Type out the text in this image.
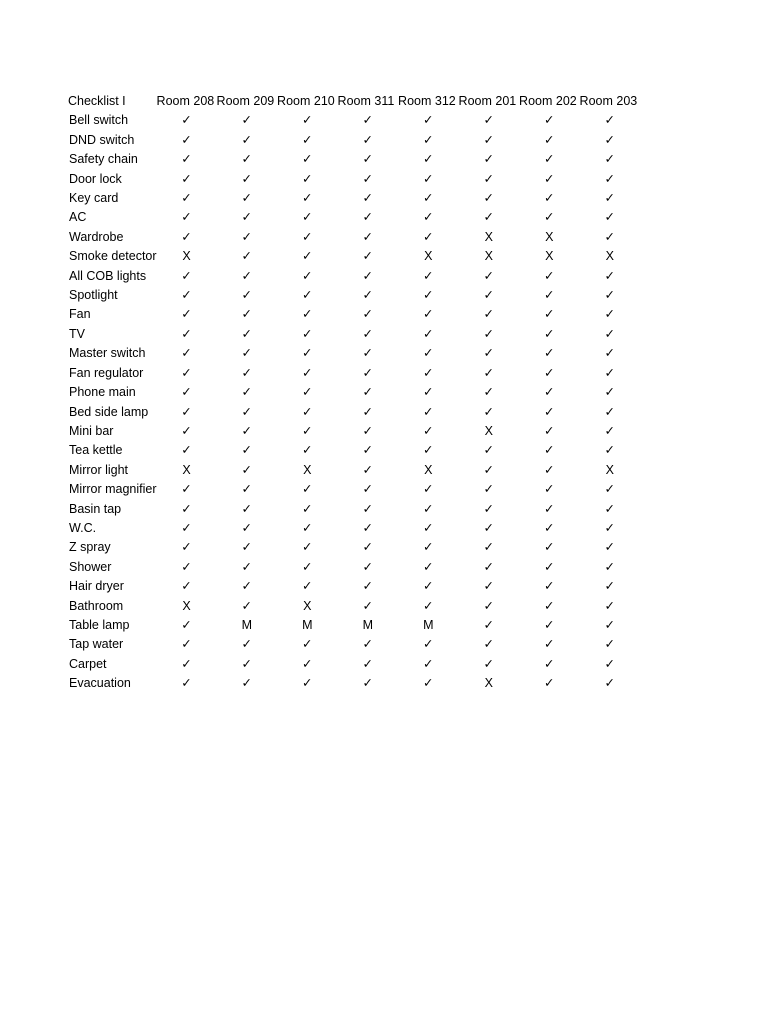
Checklist I	Room 208	Room 209	Room 210	Room 311	Room 312	Room 201	Room 202	Room 203
Bell switch	✓	✓	✓	✓	✓	✓	✓	✓
DND switch	✓	✓	✓	✓	✓	✓	✓	✓
Safety chain	✓	✓	✓	✓	✓	✓	✓	✓
Door lock	✓	✓	✓	✓	✓	✓	✓	✓
Key card	✓	✓	✓	✓	✓	✓	✓	✓
AC	✓	✓	✓	✓	✓	✓	✓	✓
Wardrobe	✓	✓	✓	✓	✓	X	X	✓
Smoke detector	X	✓	✓	✓	X	X	X	X
All COB lights	✓	✓	✓	✓	✓	✓	✓	✓
Spotlight	✓	✓	✓	✓	✓	✓	✓	✓
Fan	✓	✓	✓	✓	✓	✓	✓	✓
TV	✓	✓	✓	✓	✓	✓	✓	✓
Master switch	✓	✓	✓	✓	✓	✓	✓	✓
Fan regulator	✓	✓	✓	✓	✓	✓	✓	✓
Phone main	✓	✓	✓	✓	✓	✓	✓	✓
Bed side lamp	✓	✓	✓	✓	✓	✓	✓	✓
Mini bar	✓	✓	✓	✓	✓	X	✓	✓
Tea kettle	✓	✓	✓	✓	✓	✓	✓	✓
Mirror light	X	✓	X	✓	X	✓	✓	X
Mirror magnifier	✓	✓	✓	✓	✓	✓	✓	✓
Basin tap	✓	✓	✓	✓	✓	✓	✓	✓
W.C.	✓	✓	✓	✓	✓	✓	✓	✓
Z spray	✓	✓	✓	✓	✓	✓	✓	✓
Shower	✓	✓	✓	✓	✓	✓	✓	✓
Hair dryer	✓	✓	✓	✓	✓	✓	✓	✓
Bathroom	X	✓	X	✓	✓	✓	✓	✓
Table lamp	✓	M	M	M	M	✓	✓	✓
Tap water	✓	✓	✓	✓	✓	✓	✓	✓
Carpet	✓	✓	✓	✓	✓	✓	✓	✓
Evacuation	✓	✓	✓	✓	✓	X	✓	✓
